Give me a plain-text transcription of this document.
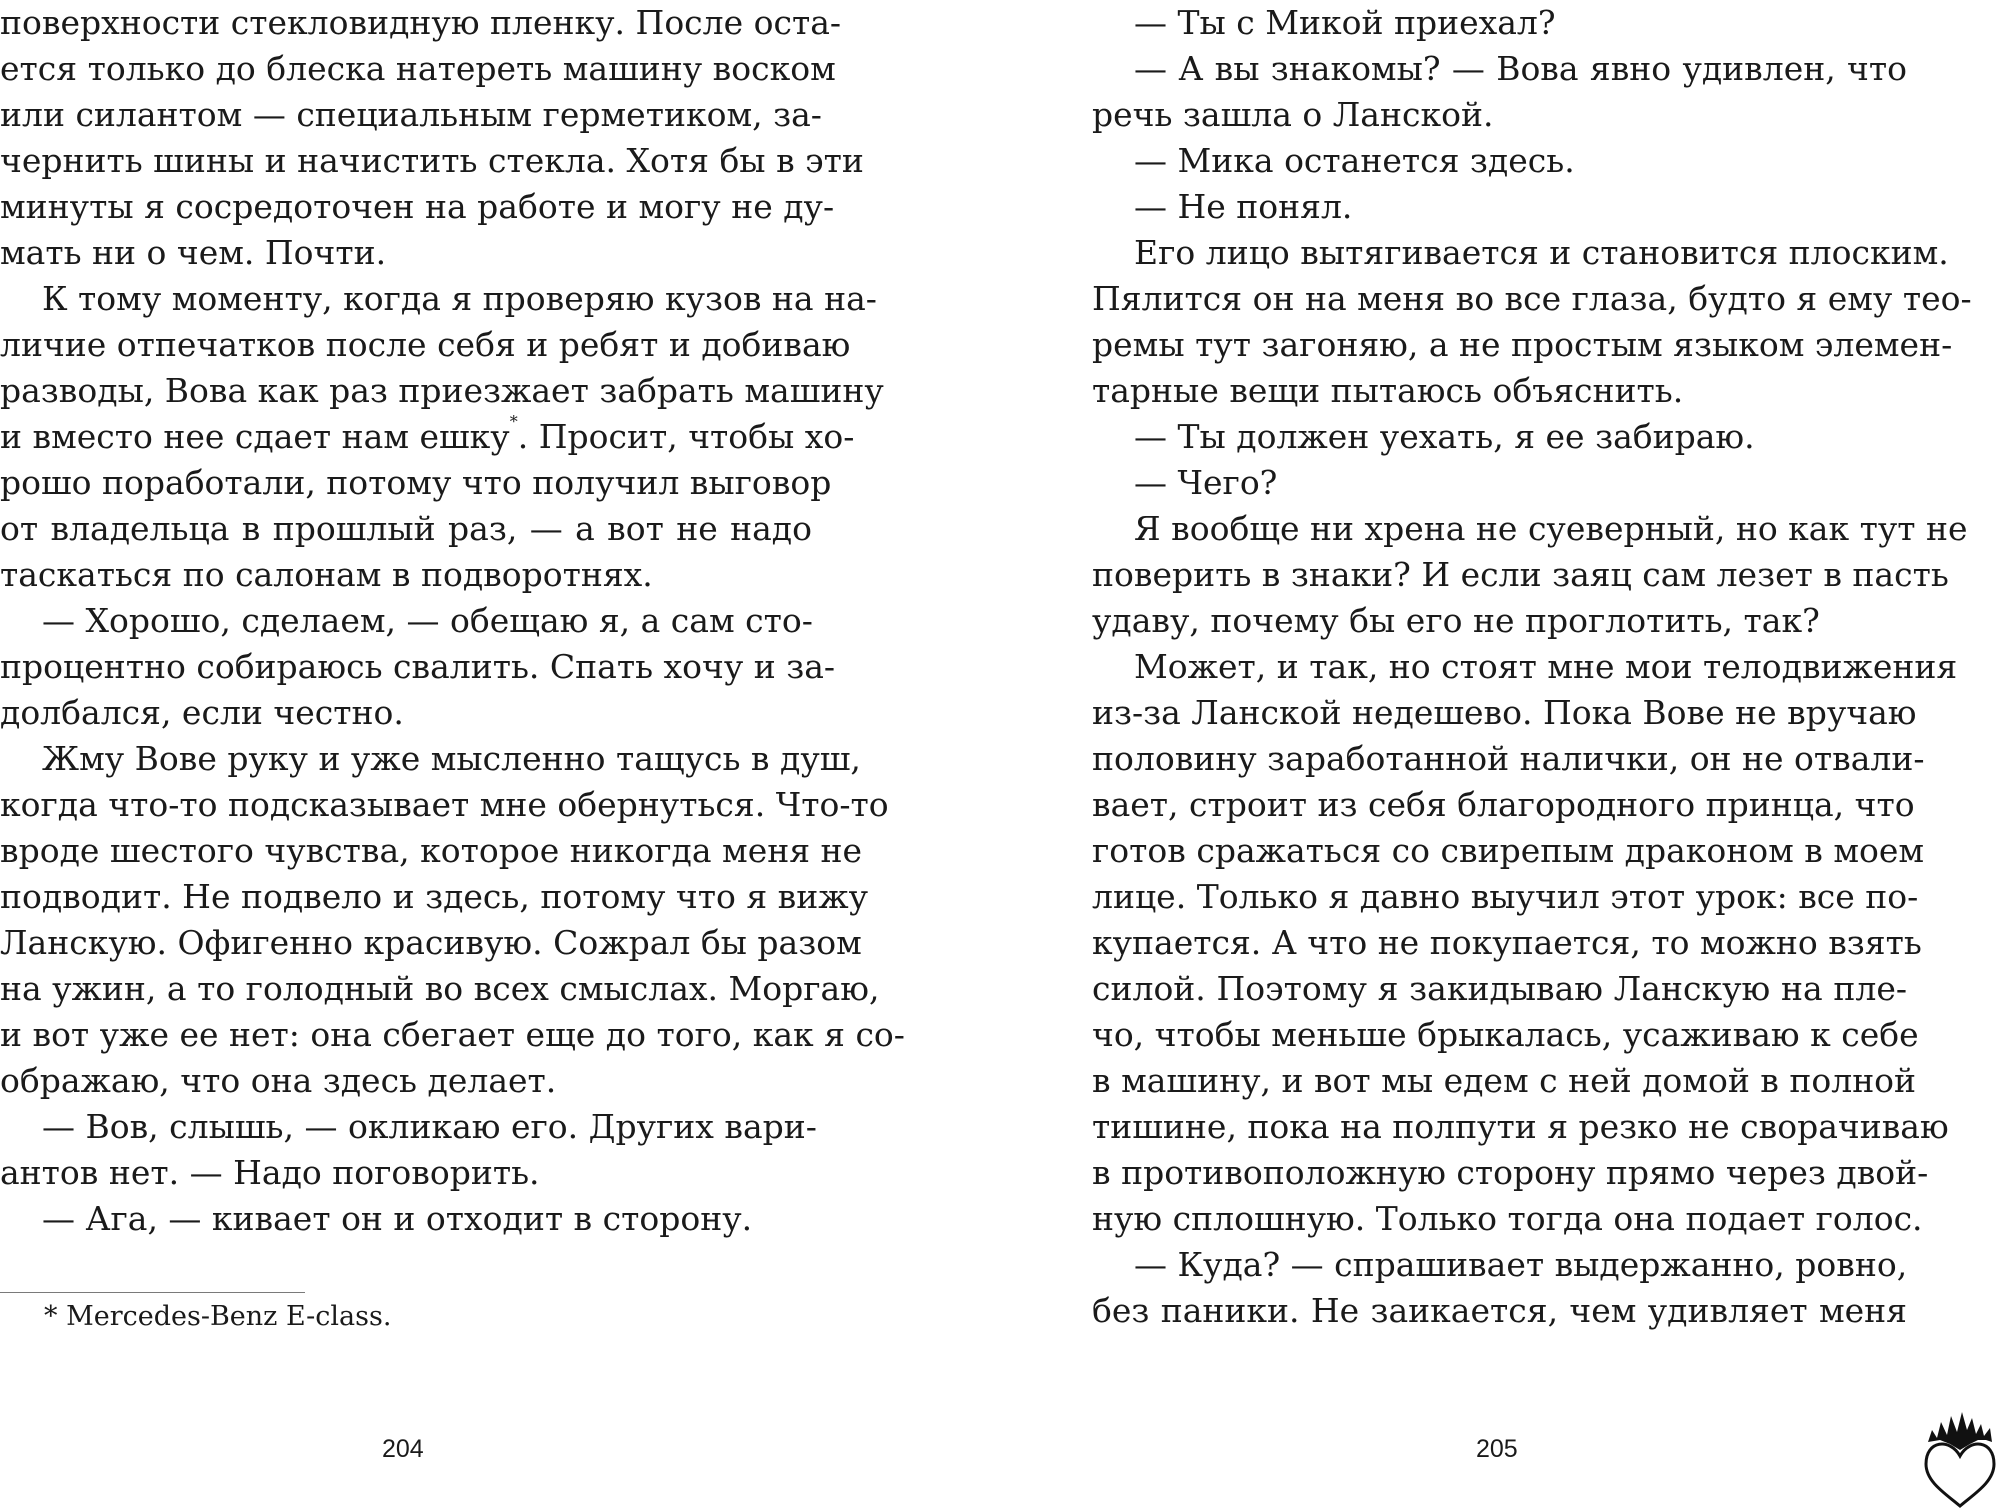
поверхности стекловидную пленку. После оста-
ется только до блеска натереть машину воском
или силантом — специальным герметиком, за-
чернить шины и начистить стекла. Хотя бы в эти
минуты я сосредоточен на работе и могу не ду-
мать ни о чем. Почти.
К тому моменту, когда я проверяю кузов на на-
личие отпечатков после себя и ребят и добиваю
разводы, Вова как раз приезжает забрать машину
и вместо нее сдает нам ешку*. Просит, чтобы хо-
рошо поработали, потому что получил выговор
от владельца в прошлый раз, — а вот не надо
таскаться по салонам в подворотнях.
— Хорошо, сделаем, — обещаю я, а сам сто-
процентно собираюсь свалить. Спать хочу и за-
долбался, если честно.
Жму Вове руку и уже мысленно тащусь в душ,
когда что-то подсказывает мне обернуться. Что-то
вроде шестого чувства, которое никогда меня не
подводит. Не подвело и здесь, потому что я вижу
Ланскую. Офигенно красивую. Сожрал бы разом
на ужин, а то голодный во всех смыслах. Моргаю,
и вот уже ее нет: она сбегает еще до того, как я со-
ображаю, что она здесь делает.
— Вов, слышь, — окликаю его. Других вари-
антов нет. — Надо поговорить.
— Ага, — кивает он и отходит в сторону.
* Mercedes-Benz E-class.
204
— Ты с Микой приехал?
— А вы знакомы? — Вова явно удивлен, что
речь зашла о Ланской.
— Мика останется здесь.
— Не понял.
Его лицо вытягивается и становится плоским.
Пялится он на меня во все глаза, будто я ему тео-
ремы тут загоняю, а не простым языком элемен-
тарные вещи пытаюсь объяснить.
— Ты должен уехать, я ее забираю.
— Чего?
Я вообще ни хрена не суеверный, но как тут не
поверить в знаки? И если заяц сам лезет в пасть
удаву, почему бы его не проглотить, так?
Может, и так, но стоят мне мои телодвижения
из-за Ланской недешево. Пока Вове не вручаю
половину заработанной налички, он не отвали-
вает, строит из себя благородного принца, что
готов сражаться со свирепым драконом в моем
лице. Только я давно выучил этот урок: все по-
купается. А что не покупается, то можно взять
силой. Поэтому я закидываю Ланскую на пле-
чо, чтобы меньше брыкалась, усаживаю к себе
в машину, и вот мы едем с ней домой в полной
тишине, пока на полпути я резко не сворачиваю
в противоположную сторону прямо через двой-
ную сплошную. Только тогда она подает голос.
— Куда? — спрашивает выдержанно, ровно,
без паники. Не заикается, чем удивляет меня
205
